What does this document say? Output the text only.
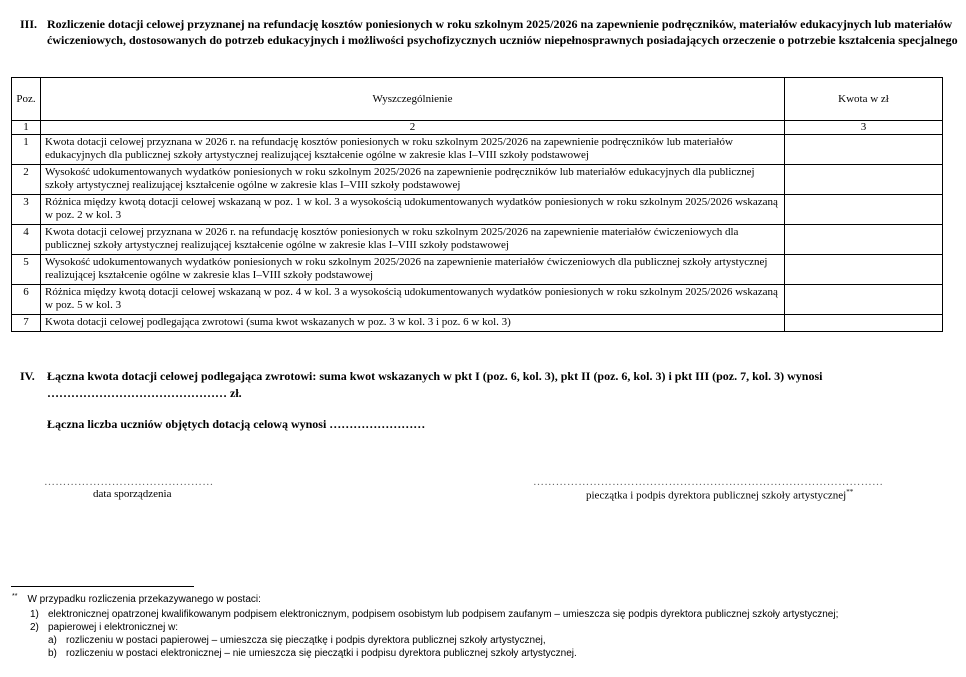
III. Rozliczenie dotacji celowej przyznanej na refundację kosztów poniesionych w roku szkolnym 2025/2026 na zapewnienie podręczników, materiałów edukacyjnych lub materiałów ćwiczeniowych, dostosowanych do potrzeb edukacyjnych i możliwości psychofizycznych uczniów niepełnosprawnych posiadających orzeczenie o potrzebie kształcenia specjalnego
Poz.	Wyszczególnienie	Kwota w zł
1	2	3
1	Kwota dotacji celowej przyznana w 2026 r. na refundację kosztów poniesionych w roku szkolnym 2025/2026 na zapewnienie podręczników lub materiałów edukacyjnych dla publicznej szkoły artystycznej realizującej kształcenie ogólne w zakresie klas I–VIII szkoły podstawowej	
2	Wysokość udokumentowanych wydatków poniesionych w roku szkolnym 2025/2026 na zapewnienie podręczników lub materiałów edukacyjnych dla publicznej szkoły artystycznej realizującej kształcenie ogólne w zakresie klas I–VIII szkoły podstawowej	
3	Różnica między kwotą dotacji celowej wskazaną w poz. 1 w kol. 3 a wysokością udokumentowanych wydatków poniesionych w roku szkolnym 2025/2026 wskazaną w poz. 2 w kol. 3	
4	Kwota dotacji celowej przyznana w 2026 r. na refundację kosztów poniesionych w roku szkolnym 2025/2026 na zapewnienie materiałów ćwiczeniowych dla publicznej szkoły artystycznej realizującej kształcenie ogólne w zakresie klas I–VIII szkoły podstawowej	
5	Wysokość udokumentowanych wydatków poniesionych w roku szkolnym 2025/2026 na zapewnienie materiałów ćwiczeniowych dla publicznej szkoły artystycznej realizującej kształcenie ogólne w zakresie klas I–VIII szkoły podstawowej	
6	Różnica między kwotą dotacji celowej wskazaną w poz. 4 w kol. 3 a wysokością udokumentowanych wydatków poniesionych w roku szkolnym 2025/2026 wskazaną w poz. 5 w kol. 3	
7	Kwota dotacji celowej podlegająca zwrotowi (suma kwot wskazanych w poz. 3 w kol. 3 i poz. 6 w kol. 3)	
IV. Łączna kwota dotacji celowej podlegająca zwrotowi: suma kwot wskazanych w pkt I (poz. 6, kol. 3), pkt II (poz. 6, kol. 3) i pkt III (poz. 7, kol. 3) wynosi
……………………………………… zł.
Łączna liczba uczniów objętych dotacją celową wynosi ……………………
………………………………………
data sporządzenia
…………………………………………………………………………………
pieczątka i podpis dyrektora publicznej szkoły artystycznej**
** W przypadku rozliczenia przekazywanego w postaci:
1) elektronicznej opatrzonej kwalifikowanym podpisem elektronicznym, podpisem osobistym lub podpisem zaufanym – umieszcza się podpis dyrektora publicznej szkoły artystycznej;
2) papierowej i elektronicznej w:
a) rozliczeniu w postaci papierowej – umieszcza się pieczątkę i podpis dyrektora publicznej szkoły artystycznej,
b) rozliczeniu w postaci elektronicznej – nie umieszcza się pieczątki i podpisu dyrektora publicznej szkoły artystycznej.
